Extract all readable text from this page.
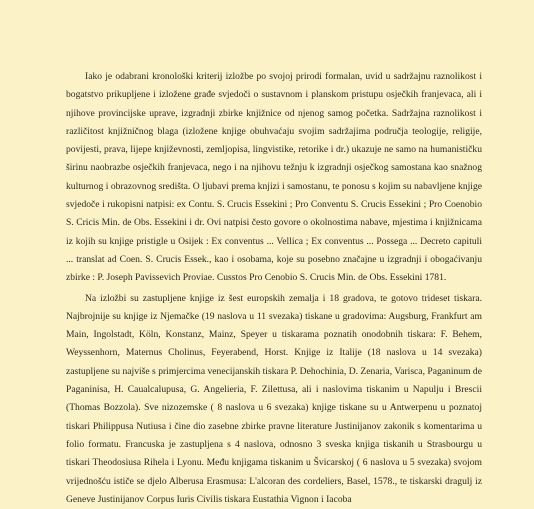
Iako je odabrani kronološki kriterij izložbe po svojoj prirodi formalan, uvid u sadržajnu raznolikost i bogatstvo prikupljene i izložene građe svjedoči o sustavnom i planskom pristupu osječkih franjevaca, ali i njihove provincijske uprave, izgradnji zbirke knjižnice od njenog samog početka. Sadržajna raznolikost i različitost knjižničnog blaga (izložene knjige obuhvaćaju svojim sadržajima područja teologije, religije, povijesti, prava, lijepe književnosti, zemljopisa, lingvistike, retorike i dr.) ukazuje ne samo na humanističku širinu naobrazbe osječkih franjevaca, nego i na njihovu težnju k izgradnji osječkog samostana kao snažnog kulturnog i obrazovnog središta. O ljubavi prema knjizi i samostanu, te ponosu s kojim su nabavljene knjige svjedoče i rukopisni natpisi: ex Contu. S. Crucis Essekini ; Pro Conventu S. Crucis Essekini ; Pro Coenobio S. Cricis Min. de Obs. Essekini i dr. Ovi natpisi često govore o okolnostima nabave, mjestima i knjižnicama iz kojih su knjige pristigle u Osijek : Ex conventus ... Vellica ; Ex conventus ... Possega ... Decreto capituli ... translat ad Coen. S. Crucis Essek., kao i osobama, koje su posebno značajne u izgradnji i obogaćivanju zbirke : P. Joseph Pavissevich Proviae. Cusstos Pro Cenobio S. Crucis Min. de Obs. Essekini 1781.

Na izložbi su zastupljene knjige iz šest europskih zemalja i 18 gradova, te gotovo trideset tiskara. Najbrojnije su knjige iz Njemačke (19 naslova u 11 svezaka) tiskane u gradovima: Augsburg, Frankfurt am Main, Ingolstadt, Köln, Konstanz, Mainz, Speyer u tiskarama poznatih onodobnih tiskara: F. Behem, Weyssenhorn, Maternus Cholinus, Feyerabend, Horst. Knjige iz Italije (18 naslova u 14 svezaka) zastupljene su najviše s primjercima venecijanskih tiskara P. Dehochinia, D. Zenaria, Varisca, Paganinum de Paganinisa, H. Caualcalupusa, G. Angelieria, F. Zilettusa, ali i naslovima tiskanim u Napulju i Brescii (Thomas Bozzola). Sve nizozemske ( 8 naslova u 6 svezaka) knjige tiskane su u Antwerpenu u poznatoj tiskari Philippusa Nutiusa i čine dio zasebne zbirke pravne literature Justinijanov zakonik s komentarima u folio formatu. Francuska je zastupljena s 4 naslova, odnosno 3 sveska knjiga tiskanih u Strasbourgu u tiskari Theodosiusa Rihela i Lyonu. Među knjigama tiskanim u Švicarskoj ( 6 naslova u 5 svezaka) svojom vrijednošću ističe se djelo Alberusa Erasmusa: L'alcoran des cordeliers, Basel, 1578., te tiskarski dragulj iz Geneve Justinijanov Corpus Iuris Civilis tiskara Eustathia Vignon i Iacoba
